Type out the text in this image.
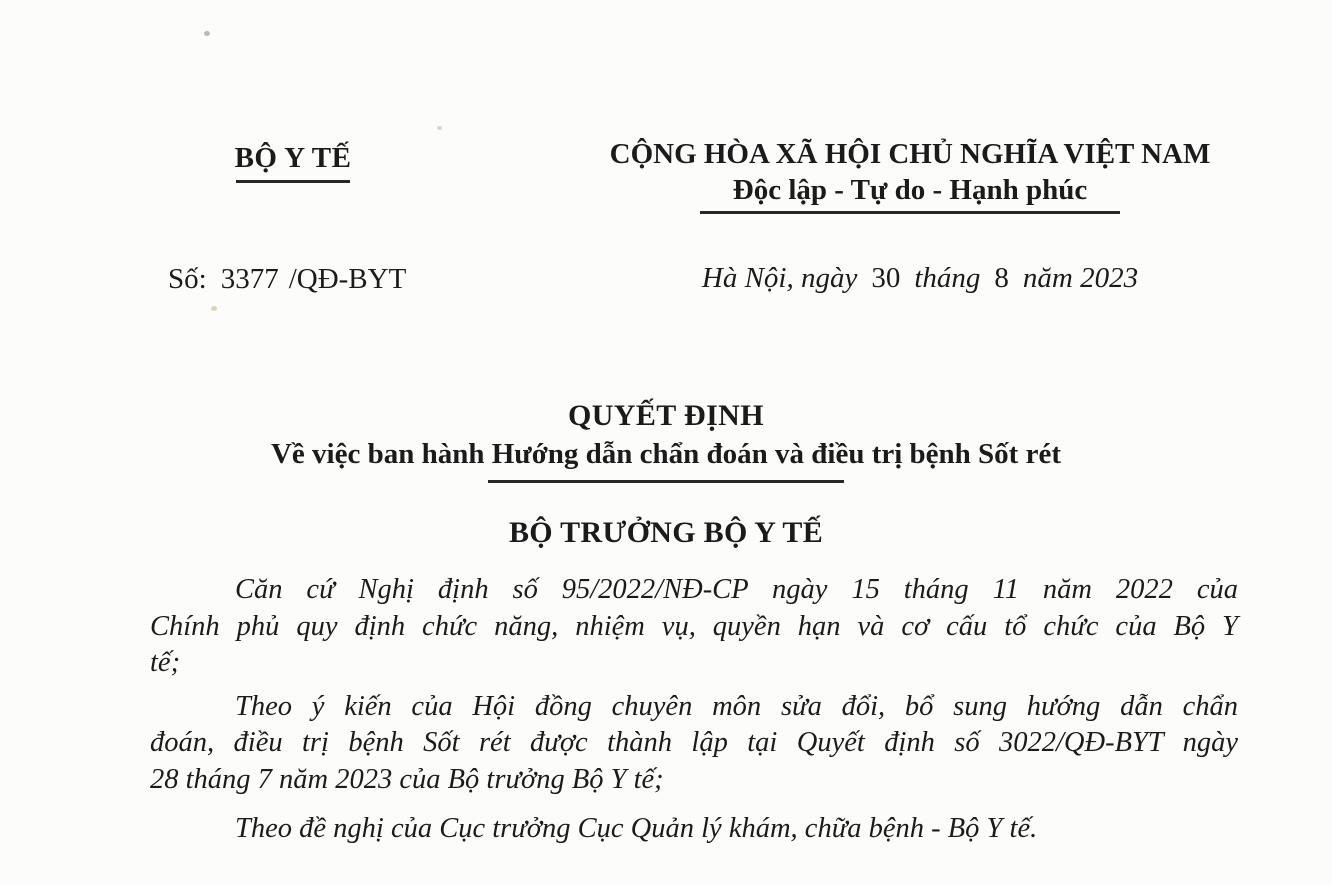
BỘ Y TẾ	CỘNG HÒA XÃ HỘI CHỦ NGHĨA VIỆT NAM
Độc lập - Tự do - Hạnh phúc
Số: 3377 /QĐ-BYT	Hà Nội, ngày 30 tháng 8 năm 2023
QUYẾT ĐỊNH
Về việc ban hành Hướng dẫn chẩn đoán và điều trị bệnh Sốt rét
BỘ TRƯỞNG BỘ Y TẾ
Căn cứ Nghị định số 95/2022/NĐ-CP ngày 15 tháng 11 năm 2022 của
Chính phủ quy định chức năng, nhiệm vụ, quyền hạn và cơ cấu tổ chức của Bộ Y
tế;
Theo ý kiến của Hội đồng chuyên môn sửa đổi, bổ sung hướng dẫn chẩn
đoán, điều trị bệnh Sốt rét được thành lập tại Quyết định số 3022/QĐ-BYT ngày
28 tháng 7 năm 2023 của Bộ trưởng Bộ Y tế;
Theo đề nghị của Cục trưởng Cục Quản lý khám, chữa bệnh - Bộ Y tế.
